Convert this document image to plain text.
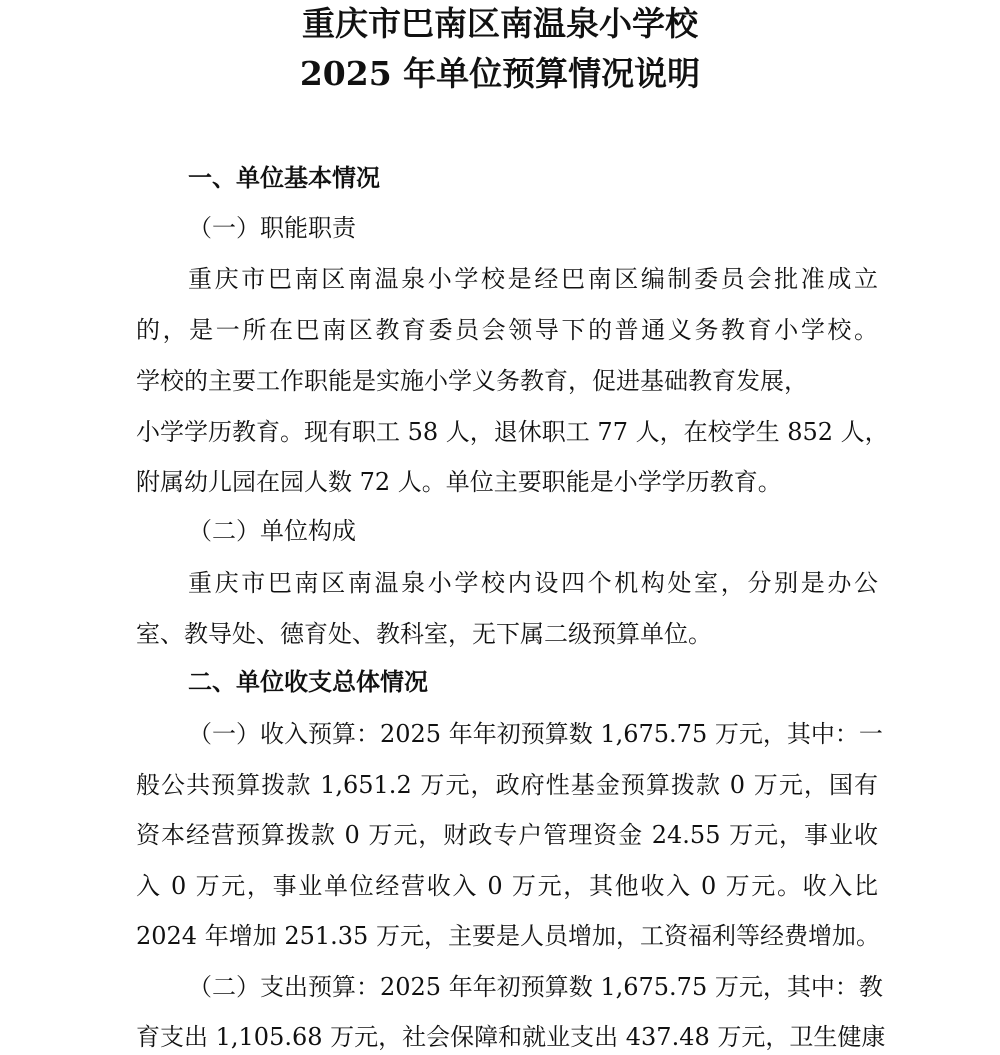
重庆市巴南区南温泉小学校
2025 年单位预算情况说明

一、单位基本情况

（一）职能职责

重庆市巴南区南温泉小学校是经巴南区编制委员会批准成立

的，是一所在巴南区教育委员会领导下的普通义务教育小学校。

学校的主要工作职能是实施小学义务教育，促进基础教育发展，

小学学历教育。现有职工 58 人，退休职工 77 人，在校学生 852 人，

附属幼儿园在园人数 72 人。单位主要职能是小学学历教育。

（二）单位构成

重庆市巴南区南温泉小学校内设四个机构处室，分别是办公

室、教导处、德育处、教科室，无下属二级预算单位。

二、单位收支总体情况

（一）收入预算：2025 年年初预算数 1,675.75 万元，其中：一

般公共预算拨款 1,651.2 万元，政府性基金预算拨款 0 万元，国有

资本经营预算拨款 0 万元，财政专户管理资金 24.55 万元，事业收

入 0 万元，事业单位经营收入 0 万元，其他收入 0 万元。收入比

2024 年增加 251.35 万元，主要是人员增加，工资福利等经费增加。

（二）支出预算：2025 年年初预算数 1,675.75 万元，其中：教

育支出 1,105.68 万元，社会保障和就业支出 437.48 万元，卫生健康
